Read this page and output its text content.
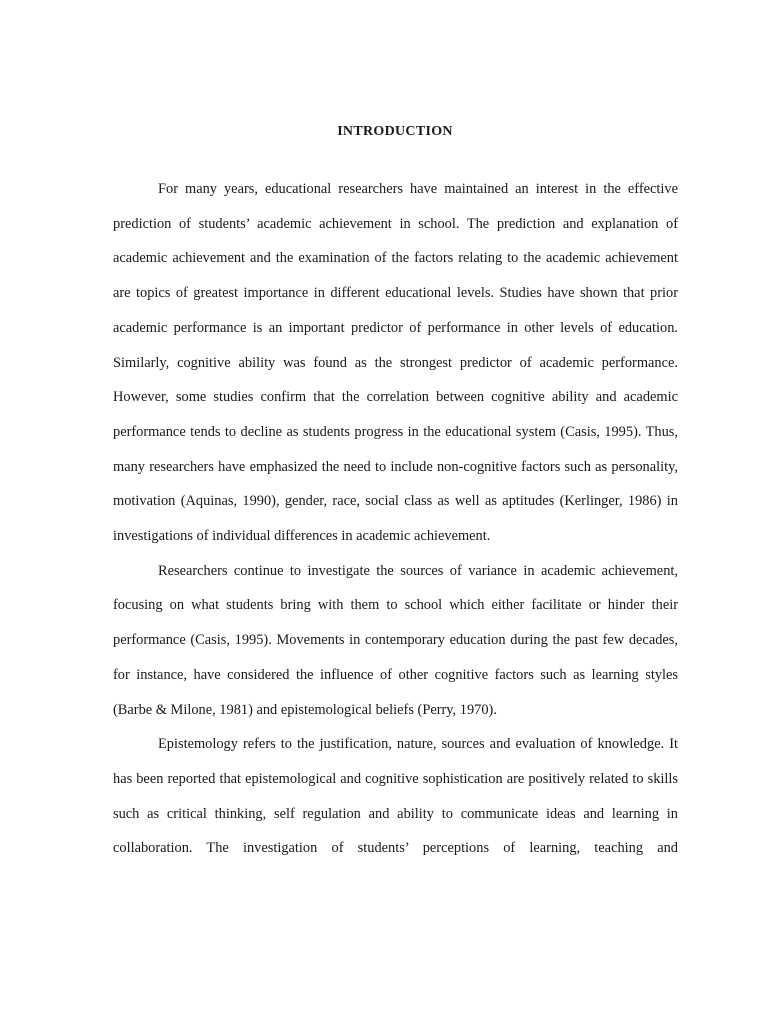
INTRODUCTION

For many years, educational researchers have maintained an interest in the effective prediction of students’ academic achievement in school. The prediction and explanation of academic achievement and the examination of the factors relating to the academic achievement are topics of greatest importance in different educational levels. Studies have shown that prior academic performance is an important predictor of performance in other levels of education. Similarly, cognitive ability was found as the strongest predictor of academic performance. However, some studies confirm that the correlation between cognitive ability and academic performance tends to decline as students progress in the educational system (Casis, 1995). Thus, many researchers have emphasized the need to include non-cognitive factors such as personality, motivation (Aquinas, 1990), gender, race, social class as well as aptitudes (Kerlinger, 1986) in investigations of individual differences in academic achievement.

Researchers continue to investigate the sources of variance in academic achievement, focusing on what students bring with them to school which either facilitate or hinder their performance (Casis, 1995). Movements in contemporary education during the past few decades, for instance, have considered the influence of other cognitive factors such as learning styles (Barbe & Milone, 1981) and epistemological beliefs (Perry, 1970).

Epistemology refers to the justification, nature, sources and evaluation of knowledge. It has been reported that epistemological and cognitive sophistication are positively related to skills such as critical thinking, self regulation and ability to communicate ideas and learning in collaboration. The investigation of students’ perceptions of learning, teaching and
